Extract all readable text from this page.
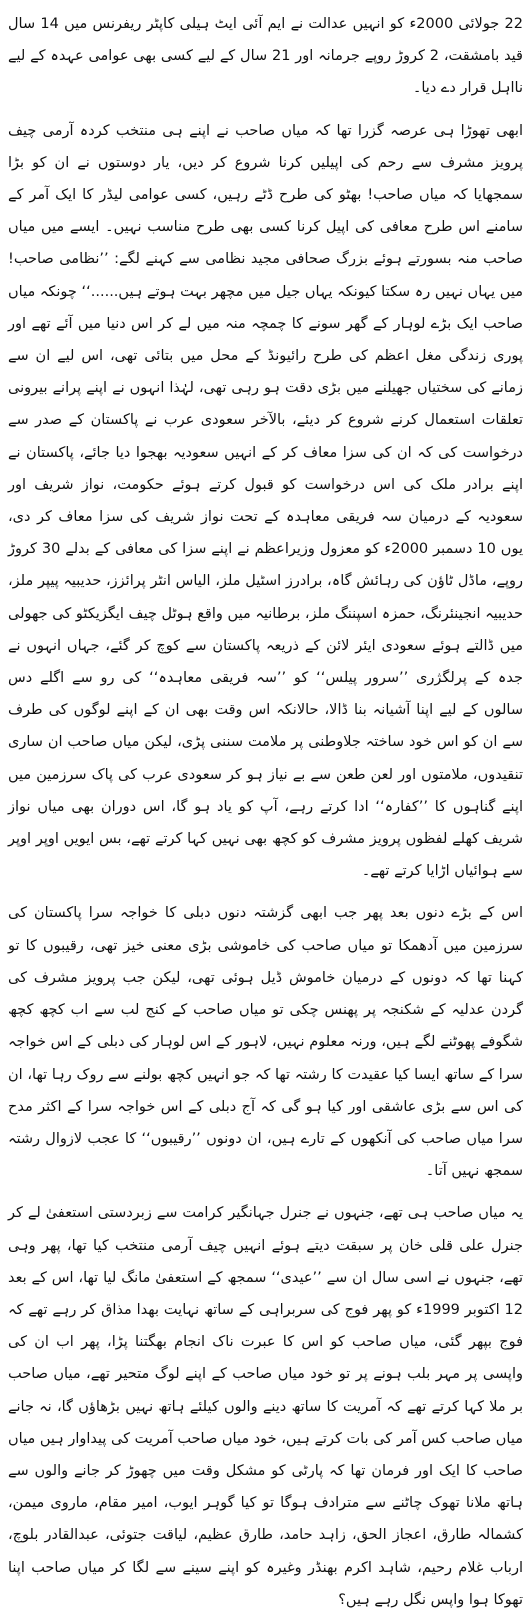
22 جولائی 2000ء کو انہیں عدالت نے ایم آئی ایٹ ہیلی کاپٹر ریفرنس میں 14 سال قید بامشقت، 2 کروڑ روپے جرمانہ اور 21 سال کے لیے کسی بھی عوامی عہدہ کے لیے نااہل قرار دے دیا۔

ابھی تھوڑا ہی عرصہ گزرا تھا کہ میاں صاحب نے اپنے ہی منتخب کردہ آرمی چیف پرویز مشرف سے رحم کی اپیلیں کرنا شروع کر دیں، یار دوستوں نے ان کو بڑا سمجھایا کہ میاں صاحب! بھٹو کی طرح ڈٹے رہیں، کسی عوامی لیڈر کا ایک آمر کے سامنے اس طرح معافی کی اپیل کرنا کسی بھی طرح مناسب نہیں۔ ایسے میں میاں صاحب منہ بسورتے ہوئے بزرگ صحافی مجید نظامی سے کہنے لگے: ’’نظامی صاحب! میں یہاں نہیں رہ سکتا کیونکہ یہاں جیل میں مچھر بہت ہوتے ہیں......‘‘ چونکہ میاں صاحب ایک بڑے لوہار کے گھر سونے کا چمچہ منہ میں لے کر اس دنیا میں آئے تھے اور پوری زندگی مغل اعظم کی طرح رائیونڈ کے محل میں بتائی تھی، اس لیے ان سے زمانے کی سختیاں جھیلنے میں بڑی دقت ہو رہی تھی، لہٰذا انہوں نے اپنے پرانے بیرونی تعلقات استعمال کرنے شروع کر دیئے، بالآخر سعودی عرب نے پاکستان کے صدر سے درخواست کی کہ ان کی سزا معاف کر کے انہیں سعودیہ بھجوا دیا جائے، پاکستان نے اپنے برادر ملک کی اس درخواست کو قبول کرتے ہوئے حکومت، نواز شریف اور سعودیہ کے درمیان سہ فریقی معاہدہ کے تحت نواز شریف کی سزا معاف کر دی، یوں 10 دسمبر 2000ء کو معزول وزیراعظم نے اپنے سزا کی معافی کے بدلے 30 کروڑ روپے، ماڈل ٹاؤن کی رہائش گاہ، برادرز اسٹیل ملز، الیاس انٹر پرائزز، حدیبیہ پیپر ملز، حدیبیہ انجینئرنگ، حمزہ اسپننگ ملز، برطانیہ میں واقع ہوٹل چیف ایگزیکٹو کی جھولی میں ڈالتے ہوئے سعودی ایئر لائن کے ذریعہ پاکستان سے کوچ کر گئے، جہاں انہوں نے جدہ کے پرلگژری ’’سرور پیلس‘‘ کو ’’سہ فریقی معاہدہ‘‘ کی رو سے اگلے دس سالوں کے لیے اپنا آشیانہ بنا ڈالا، حالانکہ اس وقت بھی ان کے اپنے لوگوں کی طرف سے ان کو اس خود ساختہ جلاوطنی پر ملامت سننی پڑی، لیکن میاں صاحب ان ساری تنقیدوں، ملامتوں اور لعن طعن سے بے نیاز ہو کر سعودی عرب کی پاک سرزمین میں اپنے گناہوں کا ’’کفارہ‘‘ ادا کرتے رہے، آپ کو یاد ہو گا، اس دوران بھی میاں نواز شریف کھلے لفظوں پرویز مشرف کو کچھ بھی نہیں کہا کرتے تھے، بس ایویں اوپر اوپر سے ہوائیاں اڑایا کرتے تھے۔

اس کے بڑے دنوں بعد پھر جب ابھی گزشتہ دنوں دبلی کا خواجہ سرا پاکستان کی سرزمین میں آدھمکا تو میاں صاحب کی خاموشی بڑی معنی خیز تھی، رقیبوں کا تو کہنا تھا کہ دونوں کے درمیان خاموش ڈیل ہوئی تھی، لیکن جب پرویز مشرف کی گردن عدلیہ کے شکنجہ پر پھنس چکی تو میاں صاحب کے کنج لب سے اب کچھ کچھ شگوفے پھوٹنے لگے ہیں، ورنہ معلوم نہیں، لاہور کے اس لوہار کی دبلی کے اس خواجہ سرا کے ساتھ ایسا کیا عقیدت کا رشتہ تھا کہ جو انہیں کچھ بولنے سے روک رہا تھا، ان کی اس سے بڑی عاشقی اور کیا ہو گی کہ آج دبلی کے اس خواجہ سرا کے اکثر مدح سرا میاں صاحب کی آنکھوں کے تارے ہیں، ان دونوں ’’رقیبوں‘‘ کا عجب لازوال رشتہ سمجھ نہیں آتا۔

یہ میاں صاحب ہی تھے، جنہوں نے جنرل جہانگیر کرامت سے زبردستی استعفیٰ لے کر جنرل علی قلی خان پر سبقت دیتے ہوئے انہیں چیف آرمی منتخب کیا تھا، پھر وہی تھے، جنہوں نے اسی سال ان سے ’’عیدی‘‘ سمجھ کے استعفیٰ مانگ لیا تھا، اس کے بعد 12 اکتوبر 1999ء کو پھر فوج کی سربراہی کے ساتھ نہایت بھدا مذاق کر رہے تھے کہ فوج بپھر گئی، میاں صاحب کو اس کا عبرت ناک انجام بھگتنا پڑا، پھر اب ان کی واپسی پر مہر بلب ہونے پر تو خود میاں صاحب کے اپنے لوگ متحیر تھے، میاں صاحب بر ملا کہا کرتے تھے کہ آمریت کا ساتھ دینے والوں کیلئے ہاتھ نہیں بڑھاؤں گا، نہ جانے میاں صاحب کس آمر کی بات کرتے ہیں، خود میاں صاحب آمریت کی پیداوار ہیں میاں صاحب کا ایک اور فرمان تھا کہ پارٹی کو مشکل وقت میں چھوڑ کر جانے والوں سے ہاتھ ملانا تھوک چاٹنے سے مترادف ہوگا تو کیا گوہر ایوب، امیر مقام، ماروی میمن، کشمالہ طارق، اعجاز الحق، زاہد حامد، طارق عظیم، لیاقت جتوئی، عبدالقادر بلوچ، ارباب غلام رحیم، شاہد اکرم بھنڈر وغیرہ کو اپنے سینے سے لگا کر میاں صاحب اپنا تھوکا ہوا واپس نگل رہے ہیں؟
